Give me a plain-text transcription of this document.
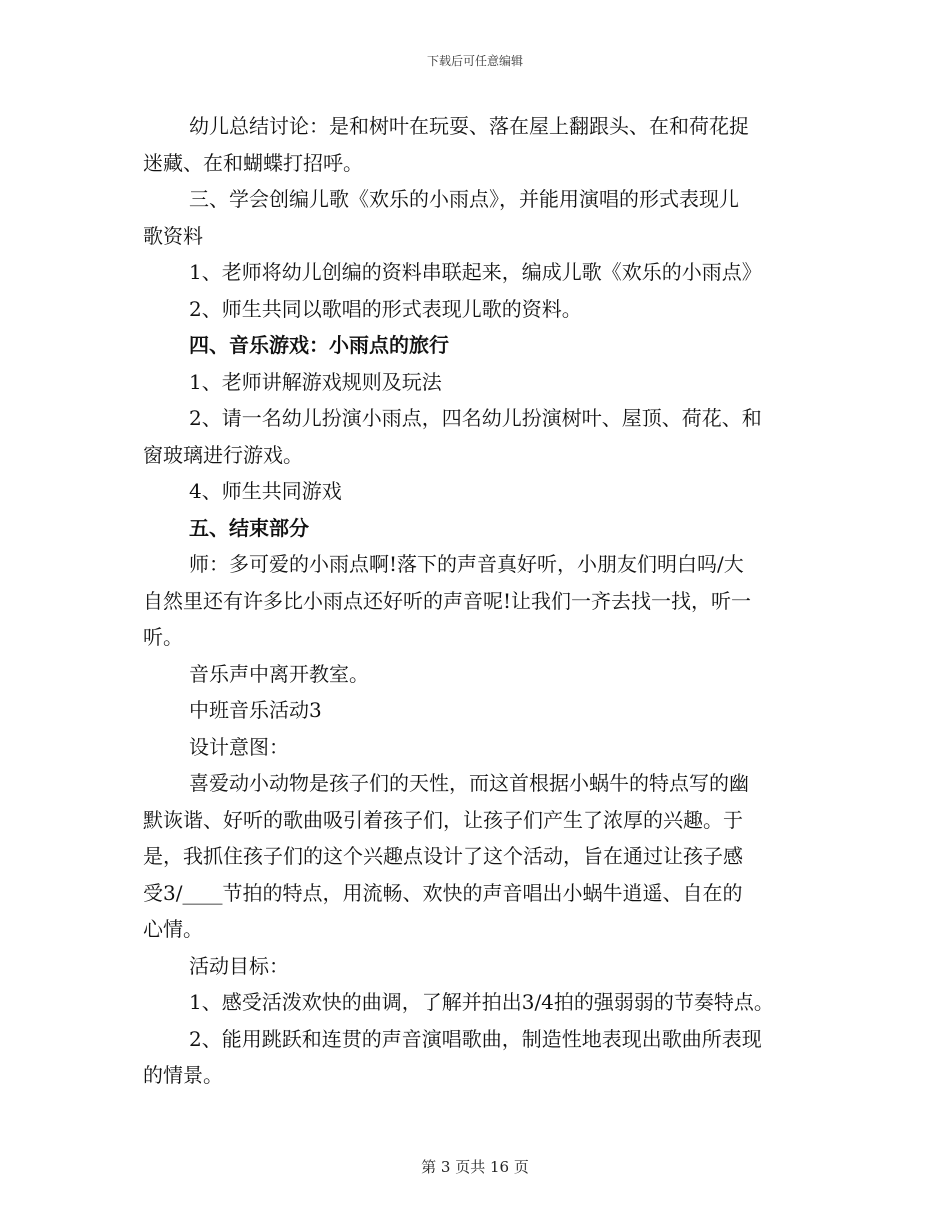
下载后可任意编辑
幼儿总结讨论：是和树叶在玩耍、落在屋上翻跟头、在和荷花捉
迷藏、在和蝴蝶打招呼。
三、学会创编儿歌《欢乐的小雨点》，并能用演唱的形式表现儿
歌资料
1、老师将幼儿创编的资料串联起来，编成儿歌《欢乐的小雨点》
2、师生共同以歌唱的形式表现儿歌的资料。
四、音乐游戏：小雨点的旅行
1、老师讲解游戏规则及玩法
2、请一名幼儿扮演小雨点，四名幼儿扮演树叶、屋顶、荷花、和
窗玻璃进行游戏。
4、师生共同游戏
五、结束部分
师：多可爱的小雨点啊!落下的声音真好听，小朋友们明白吗/大
自然里还有许多比小雨点还好听的声音呢!让我们一齐去找一找，听一
听。
音乐声中离开教室。
中班音乐活动3
设计意图：
喜爱动小动物是孩子们的天性，而这首根据小蜗牛的特点写的幽
默诙谐、好听的歌曲吸引着孩子们，让孩子们产生了浓厚的兴趣。于
是，我抓住孩子们的这个兴趣点设计了这个活动，旨在通过让孩子感
受3/____节拍的特点，用流畅、欢快的声音唱出小蜗牛逍遥、自在的
心情。
活动目标：
1、感受活泼欢快的曲调，了解并拍出3/4拍的强弱弱的节奏特点。
2、能用跳跃和连贯的声音演唱歌曲，制造性地表现出歌曲所表现
的情景。
第 3 页共 16 页
